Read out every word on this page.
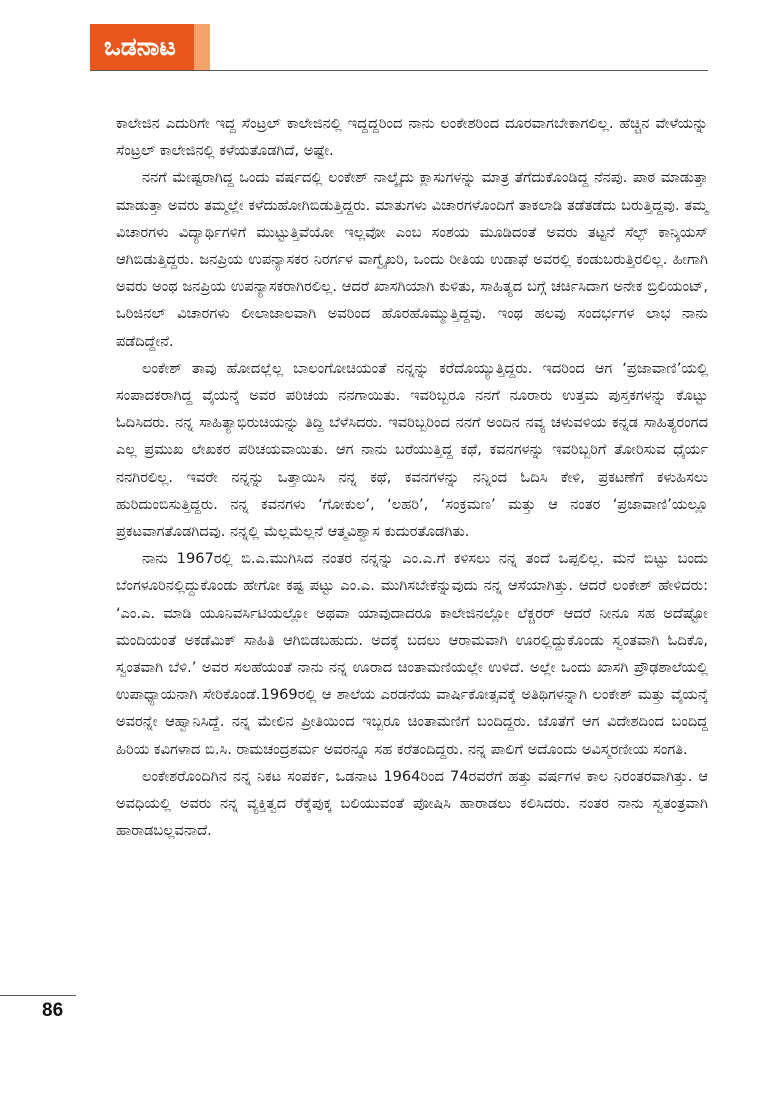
ಒಡನಾಟ

ಕಾಲೇಜಿನ ಎದುರಿಗೇ ಇದ್ದ ಸೆಂಟ್ರಲ್ ಕಾಲೇಜಿನಲ್ಲಿ ಇದ್ದದ್ದರಿಂದ ನಾನು ಲಂಕೇಶರಿಂದ ದೂರವಾಗಬೇಕಾಗಲಿಲ್ಲ. ಹೆಚ್ಚಿನ ವೇಳೆಯನ್ನು ಸೆಂಟ್ರಲ್ ಕಾಲೇಜಿನಲ್ಲಿ ಕಳೆಯತೊಡಗಿದೆ, ಅಷ್ಟೇ.

ನನಗೆ ಮೇಷ್ಟರಾಗಿದ್ದ ಒಂದು ವರ್ಷದಲ್ಲಿ ಲಂಕೇಶ್ ನಾಲ್ಕೈದು ಕ್ಲಾಸುಗಳನ್ನು ಮಾತ್ರ ತೆಗೆದುಕೊಂಡಿದ್ದ ನೆನಪು. ಪಾಠ ಮಾಡುತ್ತಾ ಮಾಡುತ್ತಾ ಅವರು ತಮ್ಮಲ್ಲೇ ಕಳೆದುಹೋಗಿಬಿಡುತ್ತಿದ್ದರು. ಮಾತುಗಳು ವಿಚಾರಗಳೊಂದಿಗೆ ತಾಕಲಾಡಿ ತಡೆತಡೆದು ಬರುತ್ತಿದ್ದವು. ತಮ್ಮ ವಿಚಾರಗಳು ವಿದ್ಯಾರ್ಥಿಗಳಿಗೆ ಮುಟ್ಟುತ್ತಿವೆಯೋ ಇಲ್ಲವೋ ಎಂಬ ಸಂಶಯ ಮೂಡಿದಂತೆ ಅವರು ತಟ್ಟನೆ ಸೆಲ್ಫ್ ಕಾನ್ಶಿಯಸ್ ಆಗಿಬಿಡುತ್ತಿದ್ದರು. ಜನಪ್ರಿಯ ಉಪನ್ಯಾಸಕರ ನಿರರ್ಗಳ ವಾಗ್ವೈಖರಿ, ಒಂದು ರೀತಿಯ ಉಡಾಫೆ ಅವರಲ್ಲಿ ಕಂಡುಬರುತ್ತಿರಲಿಲ್ಲ. ಹೀಗಾಗಿ ಅವರು ಅಂಥ ಜನಪ್ರಿಯ ಉಪನ್ಯಾಸಕರಾಗಿರಲಿಲ್ಲ. ಆದರೆ ಖಾಸಗಿಯಾಗಿ ಕುಳಿತು, ಸಾಹಿತ್ಯದ ಬಗ್ಗೆ ಚರ್ಚಿಸಿದಾಗ ಅನೇಕ ಬ್ರಿಲಿಯಂಟ್, ಒರಿಜಿನಲ್ ವಿಚಾರಗಳು ಲೀಲಾಜಾಲವಾಗಿ ಅವರಿಂದ ಹೊರಹೊಮ್ಮುತ್ತಿದ್ದವು. ಇಂಥ ಹಲವು ಸಂದರ್ಭಗಳ ಲಾಭ ನಾನು ಪಡೆದಿದ್ದೇನೆ.

ಲಂಕೇಶ್ ತಾವು ಹೋದಲ್ಲೆಲ್ಲ ಬಾಲಂಗೋಚಿಯಂತೆ ನನ್ನನ್ನು ಕರೆದೊಯ್ಯುತ್ತಿದ್ದರು. ಇದರಿಂದ ಆಗ ‘ಪ್ರಜಾವಾಣಿ’ಯಲ್ಲಿ ಸಂಪಾದಕರಾಗಿದ್ದ ವೈಯನ್ಕೆ ಅವರ ಪರಿಚಯ ನನಗಾಯಿತು. ಇವರಿಬ್ಬರೂ ನನಗೆ ನೂರಾರು ಉತ್ತಮ ಪುಸ್ತಕಗಳನ್ನು ಕೊಟ್ಟು ಓದಿಸಿದರು. ನನ್ನ ಸಾಹಿತ್ಯಾಭಿರುಚಿಯನ್ನು ತಿದ್ದಿ ಬೆಳೆಸಿದರು. ಇವರಿಬ್ಬರಿಂದ ನನಗೆ ಅಂದಿನ ನವ್ಯ ಚಳುವಳಿಯ ಕನ್ನಡ ಸಾಹಿತ್ಯರಂಗದ ಎಲ್ಲ ಪ್ರಮುಖ ಲೇಖಕರ ಪರಿಚಯವಾಯಿತು. ಆಗ ನಾನು ಬರೆಯುತ್ತಿದ್ದ ಕಥೆ, ಕವನಗಳನ್ನು ಇವರಿಬ್ಬರಿಗೆ ತೋರಿಸುವ ಧೈರ್ಯ ನನಗಿರಲಿಲ್ಲ. ಇವರೇ ನನ್ನನ್ನು ಒತ್ತಾಯಿಸಿ ನನ್ನ ಕಥೆ, ಕವನಗಳನ್ನು ನನ್ನಿಂದ ಓದಿಸಿ ಕೇಳಿ, ಪ್ರಕಟಣೆಗೆ ಕಳುಹಿಸಲು ಹುರಿದುಂಬಿಸುತ್ತಿದ್ದರು. ನನ್ನ ಕವನಗಳು ‘ಗೋಕುಲ’, ‘ಲಹರಿ’, ‘ಸಂಕ್ರಮಣ’ ಮತ್ತು ಆ ನಂತರ ‘ಪ್ರಜಾವಾಣಿ’ಯಲ್ಲೂ ಪ್ರಕಟವಾಗತೊಡಗಿದವು. ನನ್ನಲ್ಲಿ ಮೆಲ್ಲಮೆಲ್ಲನೆ ಆತ್ಮವಿಶ್ವಾಸ ಕುದುರತೊಡಗಿತು.

ನಾನು 1967ರಲ್ಲಿ ಬಿ.ಎ.ಮುಗಿಸಿದ ನಂತರ ನನ್ನನ್ನು ಎಂ.ಎ.ಗೆ ಕಳಿಸಲು ನನ್ನ ತಂದೆ ಒಪ್ಪಲಿಲ್ಲ. ಮನೆ ಬಿಟ್ಟು ಬಂದು ಬೆಂಗಳೂರಿನಲ್ಲಿದ್ದುಕೊಂಡು ಹೇಗೋ ಕಷ್ಟ ಪಟ್ಟು ಎಂ.ಎ. ಮುಗಿಸಬೇಕೆನ್ನುವುದು ನನ್ನ ಆಸೆಯಾಗಿತ್ತು. ಆದರೆ ಲಂಕೇಶ್ ಹೇಳಿದರು: ‘ಎಂ.ಎ. ಮಾಡಿ ಯೂನಿವರ್ಸಿಟಿಯಲ್ಲೋ ಅಥವಾ ಯಾವುದಾದರೂ ಕಾಲೇಜಿನಲ್ಲೋ ಲೆಕ್ಚರರ್ ಆದರೆ ನೀನೂ ಸಹ ಅದೆಷ್ಟೋ ಮಂದಿಯಂತೆ ಅಕಡೆಮಿಕ್ ಸಾಹಿತಿ ಆಗಿಬಿಡಬಹುದು. ಅದಕ್ಕೆ ಬದಲು ಆರಾಮವಾಗಿ ಊರಲ್ಲಿದ್ದುಕೊಂಡು ಸ್ವಂತವಾಗಿ ಓದಿಕೊ, ಸ್ವಂತವಾಗಿ ಬೆಳಿ.’ ಅವರ ಸಲಹೆಯಂತೆ ನಾನು ನನ್ನ ಊರಾದ ಚಿಂತಾಮಣಿಯಲ್ಲೇ ಉಳಿದೆ. ಅಲ್ಲೇ ಒಂದು ಖಾಸಗಿ ಪ್ರೌಢಶಾಲೆಯಲ್ಲಿ ಉಪಾಧ್ಯಾಯನಾಗಿ ಸೇರಿಕೊಂಡೆ.1969ರಲ್ಲಿ ಆ ಶಾಲೆಯ ಎರಡನೆಯ ವಾರ್ಷಿಕೋತ್ಸವಕ್ಕೆ ಅತಿಥಿಗಳನ್ನಾಗಿ ಲಂಕೇಶ್ ಮತ್ತು ವೈಯನ್ಕೆ ಅವರನ್ನೇ ಆಹ್ವಾನಿಸಿದ್ದೆ. ನನ್ನ ಮೇಲಿನ ಪ್ರೀತಿಯಿಂದ ಇಬ್ಬರೂ ಚಿಂತಾಮಣಿಗೆ ಬಂದಿದ್ದರು. ಜೊತೆಗೆ ಆಗ ವಿದೇಶದಿಂದ ಬಂದಿದ್ದ ಹಿರಿಯ ಕವಿಗಳಾದ ಬಿ.ಸಿ. ರಾಮಚಂದ್ರಶರ್ಮ ಅವರನ್ನೂ ಸಹ ಕರೆತಂದಿದ್ದರು. ನನ್ನ ಪಾಲಿಗೆ ಅದೊಂದು ಅವಿಸ್ಮರಣೀಯ ಸಂಗತಿ.

ಲಂಕೇಶರೊಂದಿಗಿನ ನನ್ನ ನಿಕಟ ಸಂಪರ್ಕ, ಒಡನಾಟ 1964ರಿಂದ 74ರವರೆಗೆ ಹತ್ತು ವರ್ಷಗಳ ಕಾಲ ನಿರಂತರವಾಗಿತ್ತು. ಆ ಅವಧಿಯಲ್ಲಿ ಅವರು ನನ್ನ ವ್ಯಕ್ತಿತ್ವದ ರೆಕ್ಕೆಪುಕ್ಕ ಬಲಿಯುವಂತೆ ಪೋಷಿಸಿ ಹಾರಾಡಲು ಕಲಿಸಿದರು. ನಂತರ ನಾನು ಸ್ವತಂತ್ರವಾಗಿ ಹಾರಾಡಬಲ್ಲವನಾದೆ.

86
